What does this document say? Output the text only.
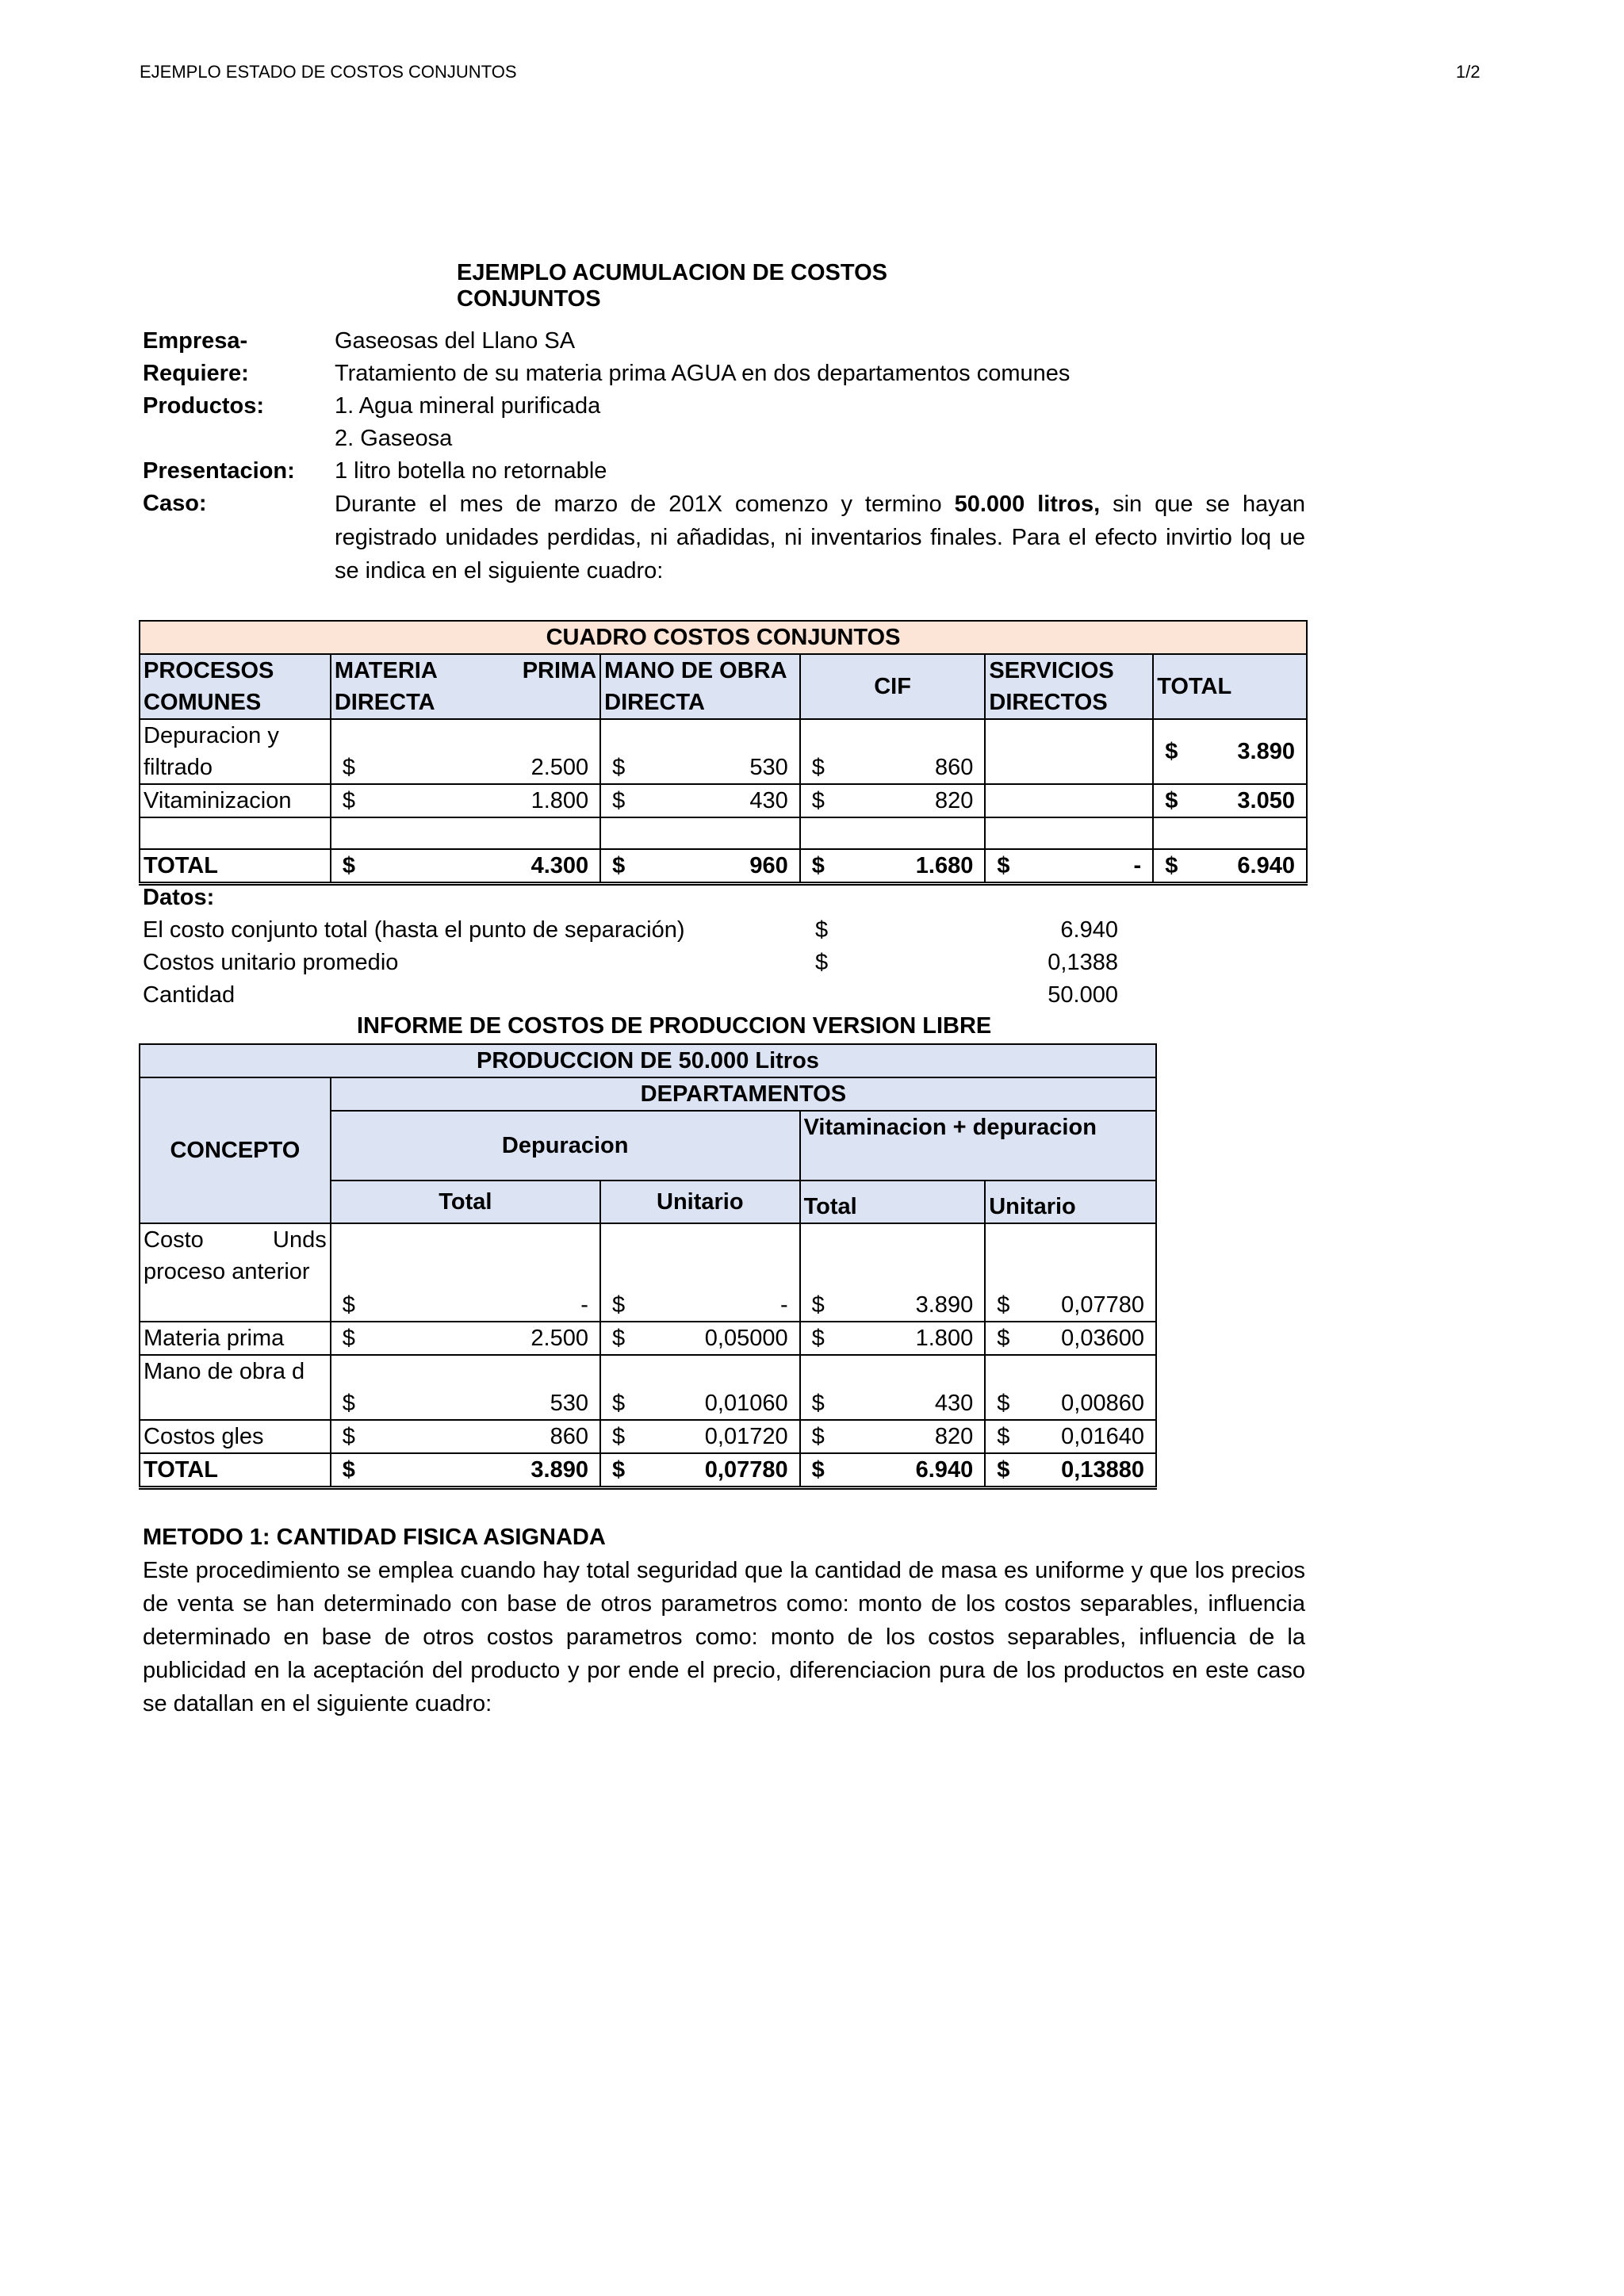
EJEMPLO ESTADO DE COSTOS CONJUNTOS	1/2
EJEMPLO ACUMULACION DE COSTOS CONJUNTOS
Empresa-	Gaseosas del Llano SA
Requiere:	Tratamiento de su materia prima AGUA en dos departamentos comunes
Productos:	1. Agua mineral purificada
2. Gaseosa
Presentacion: 1 litro botella no retornable
Caso:	Durante el mes de marzo de 201X comenzo y termino 50.000 litros, sin que se hayan registrado unidades perdidas, ni añadidas, ni inventarios finales. Para el efecto invirtio loq ue se indica en el siguiente cuadro:
CUADRO COSTOS CONJUNTOS					
PROCESOS COMUNES	MATERIA PRIMA DIRECTA	MANO DE OBRA DIRECTA	CIF	SERVICIOS DIRECTOS	TOTAL
Depuracion y filtrado	$ 2.500	$ 530	$ 860		$ 3.890

Vitaminizacion	$ 1.800	$ 430	$ 820		$ 3.050

TOTAL	$ 4.300	$ 960	$ 1.680	$ -	$ 6.940
Datos:
El costo conjunto total (hasta el punto de separación)	$	6.940
Costos unitario promedio	$	0,1388
Cantidad	50.000
INFORME DE COSTOS DE PRODUCCION VERSION LIBRE
PRODUCCION DE 50.000 Litros				
CONCEPTO	DEPARTAMENTOS			
	Depuracion		Vitaminacion + depuracion	
	Total	Unitario	Total	Unitario
Costo Unds proceso anterior	$ -	$ -	$ 3.890	$ 0,07780

Materia prima	$ 2.500	$ 0,05000	$ 1.800	$ 0,03600

Mano de obra d	$ 530	$ 0,01060	$ 430	$ 0,00860

Costos gles	$ 860	$ 0,01720	$ 820	$ 0,01640

TOTAL	$ 3.890	$ 0,07780	$ 6.940	$ 0,13880
METODO 1: CANTIDAD FISICA ASIGNADA
Este procedimiento se emplea cuando hay total seguridad que la cantidad de masa es uniforme y que los precios de venta se han determinado con base de otros parametros como: monto de los costos separables, influencia determinado en base de otros costos parametros como: monto de los costos separables, influencia de la publicidad en la aceptación del producto y por ende el precio, diferenciacion pura de los productos en este caso se datallan en el siguiente cuadro:
